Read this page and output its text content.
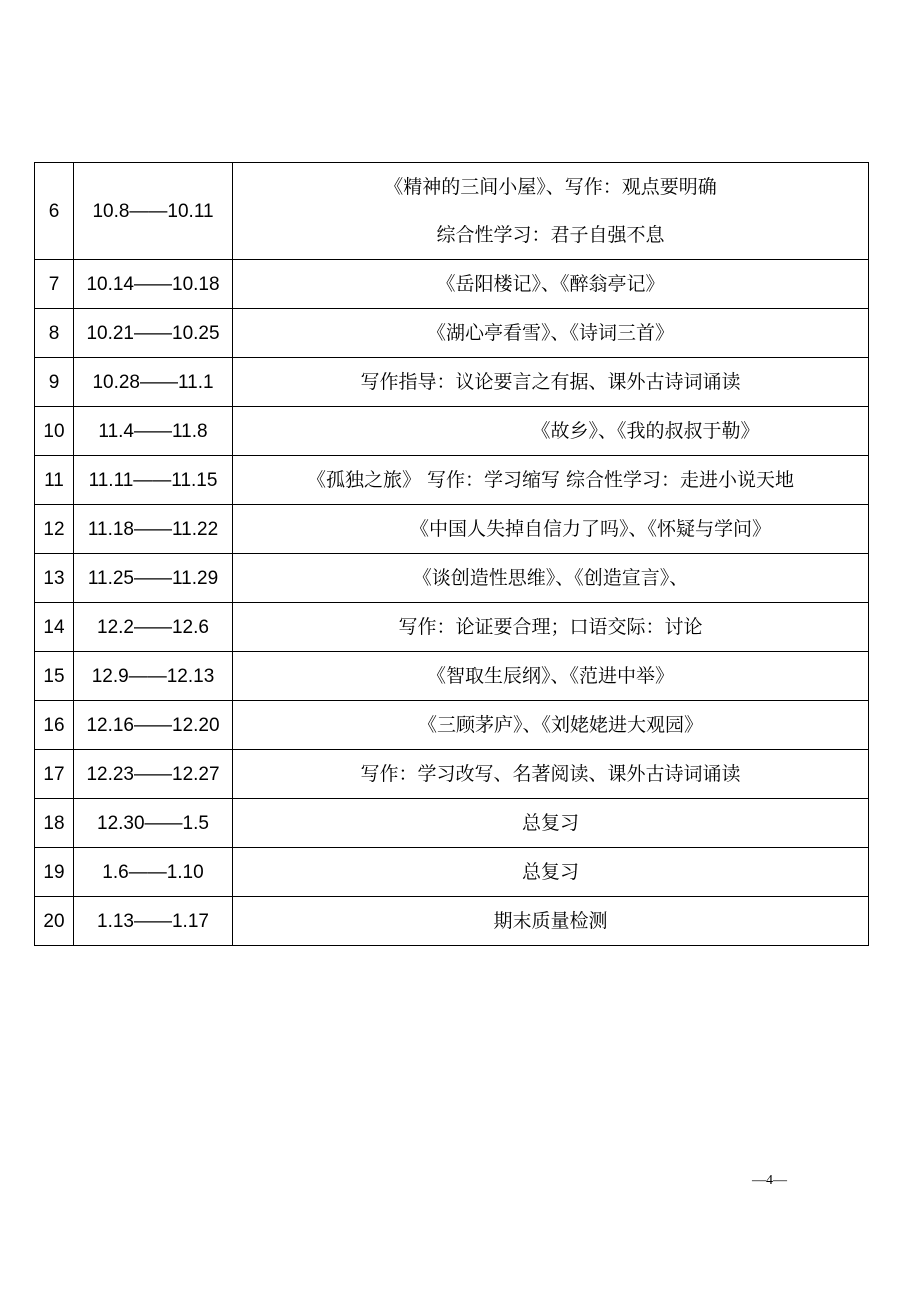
6	10.8——10.11	《精神的三间小屋》、写作：观点要明确
综合性学习：君子自强不息

7	10.14——10.18	《岳阳楼记》、《醉翁亭记》

8	10.21——10.25	《湖心亭看雪》、《诗词三首》

9	10.28——11.1	写作指导：议论要言之有据、课外古诗词诵读

10	11.4——11.8	《故乡》、《我的叔叔于勒》

11	11.11——11.15	《孤独之旅》 写作：学习缩写 综合性学习：走进小说天地

12	11.18——11.22	《中国人失掉自信力了吗》、《怀疑与学问》

13	11.25——11.29	《谈创造性思维》、《创造宣言》、

14	12.2——12.6	写作：论证要合理；口语交际：讨论

15	12.9——12.13	《智取生辰纲》、《范进中举》

16	12.16——12.20	《三顾茅庐》、《刘姥姥进大观园》

17	12.23——12.27	写作：学习改写、名著阅读、课外古诗词诵读

18	12.30——1.5	总复习

19	1.6——1.10	总复习

20	1.13——1.17	期末质量检测
—4—
